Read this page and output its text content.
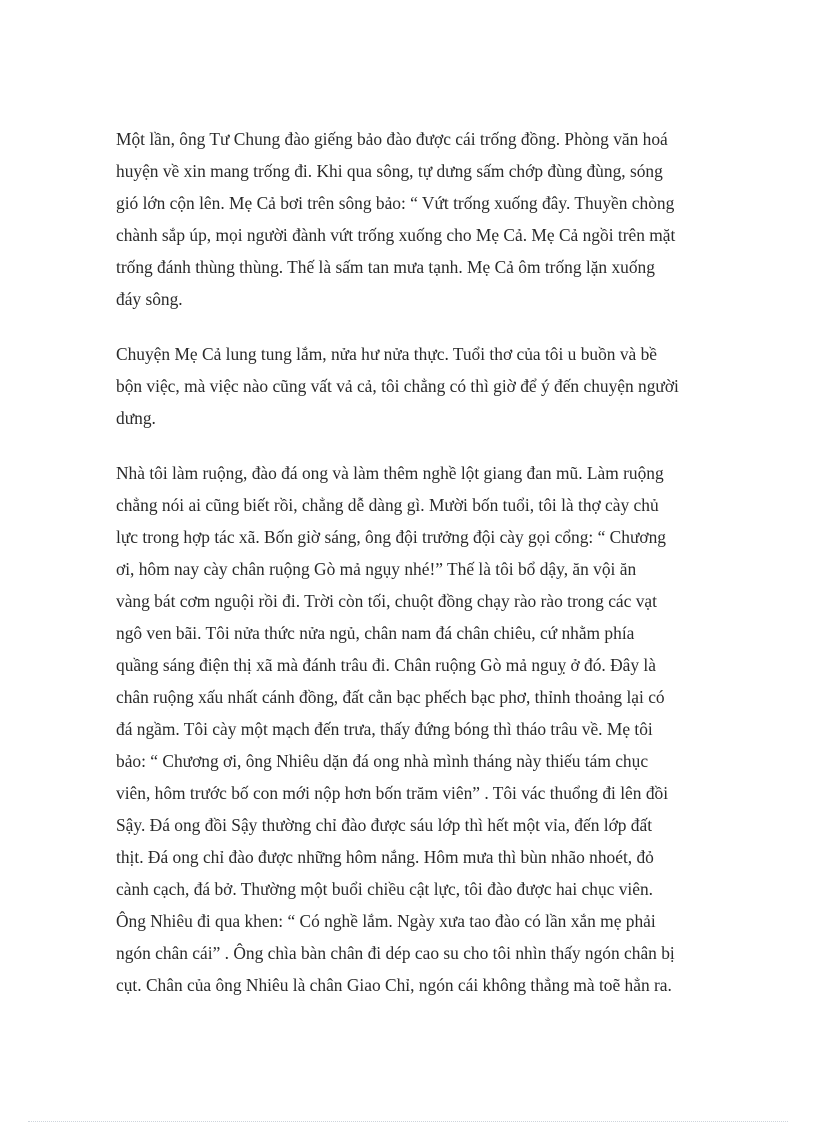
Một lần, ông Tư Chung đào giếng bảo đào được cái trống đồng. Phòng văn hoá
huyện về xin mang trống đi. Khi qua sông, tự dưng sấm chớp đùng đùng, sóng
gió lớn cộn lên. Mẹ Cả bơi trên sông bảo: “ Vứt trống xuống đây. Thuyền chòng
chành sắp úp, mọi người đành vứt trống xuống cho Mẹ Cả. Mẹ Cả ngồi trên mặt
trống đánh thùng thùng. Thế là sấm tan mưa tạnh. Mẹ Cả ôm trống lặn xuống
đáy sông.

Chuyện Mẹ Cả lung tung lắm, nửa hư nửa thực. Tuổi thơ của tôi u buồn và bề
bộn việc, mà việc nào cũng vất vả cả, tôi chẳng có thì giờ để ý đến chuyện người
dưng.

Nhà tôi làm ruộng, đào đá ong và làm thêm nghề lột giang đan mũ. Làm ruộng
chẳng nói ai cũng biết rồi, chẳng dễ dàng gì. Mười bốn tuổi, tôi là thợ cày chủ
lực trong hợp tác xã. Bốn giờ sáng, ông đội trưởng đội cày gọi cổng: “ Chương
ơi, hôm nay cày chân ruộng Gò mả ngụy nhé!” Thế là tôi bổ dậy, ăn vội ăn
vàng bát cơm nguội rồi đi. Trời còn tối, chuột đồng chạy rào rào trong các vạt
ngô ven bãi. Tôi nửa thức nửa ngủ, chân nam đá chân chiêu, cứ nhằm phía
quầng sáng điện thị xã mà đánh trâu đi. Chân ruộng Gò mả nguỵ ở đó. Đây là
chân ruộng xấu nhất cánh đồng, đất cằn bạc phếch bạc phơ, thỉnh thoảng lại có
đá ngầm. Tôi cày một mạch đến trưa, thấy đứng bóng thì tháo trâu về. Mẹ tôi
bảo: “ Chương ơi, ông Nhiêu dặn đá ong nhà mình tháng này thiếu tám chục
viên, hôm trước bố con mới nộp hơn bốn trăm viên” . Tôi vác thuổng đi lên đồi
Sậy. Đá ong đồi Sậy thường chỉ đào được sáu lớp thì hết một vỉa, đến lớp đất
thịt. Đá ong chỉ đào được những hôm nắng. Hôm mưa thì bùn nhão nhoét, đỏ
cành cạch, đá bở. Thường một buổi chiều cật lực, tôi đào được hai chục viên.
Ông Nhiêu đi qua khen: “ Có nghề lắm. Ngày xưa tao đào có lần xắn mẹ phải
ngón chân cái” . Ông chìa bàn chân đi dép cao su cho tôi nhìn thấy ngón chân bị
cụt. Chân của ông Nhiêu là chân Giao Chỉ, ngón cái không thẳng mà toẽ hẳn ra.
